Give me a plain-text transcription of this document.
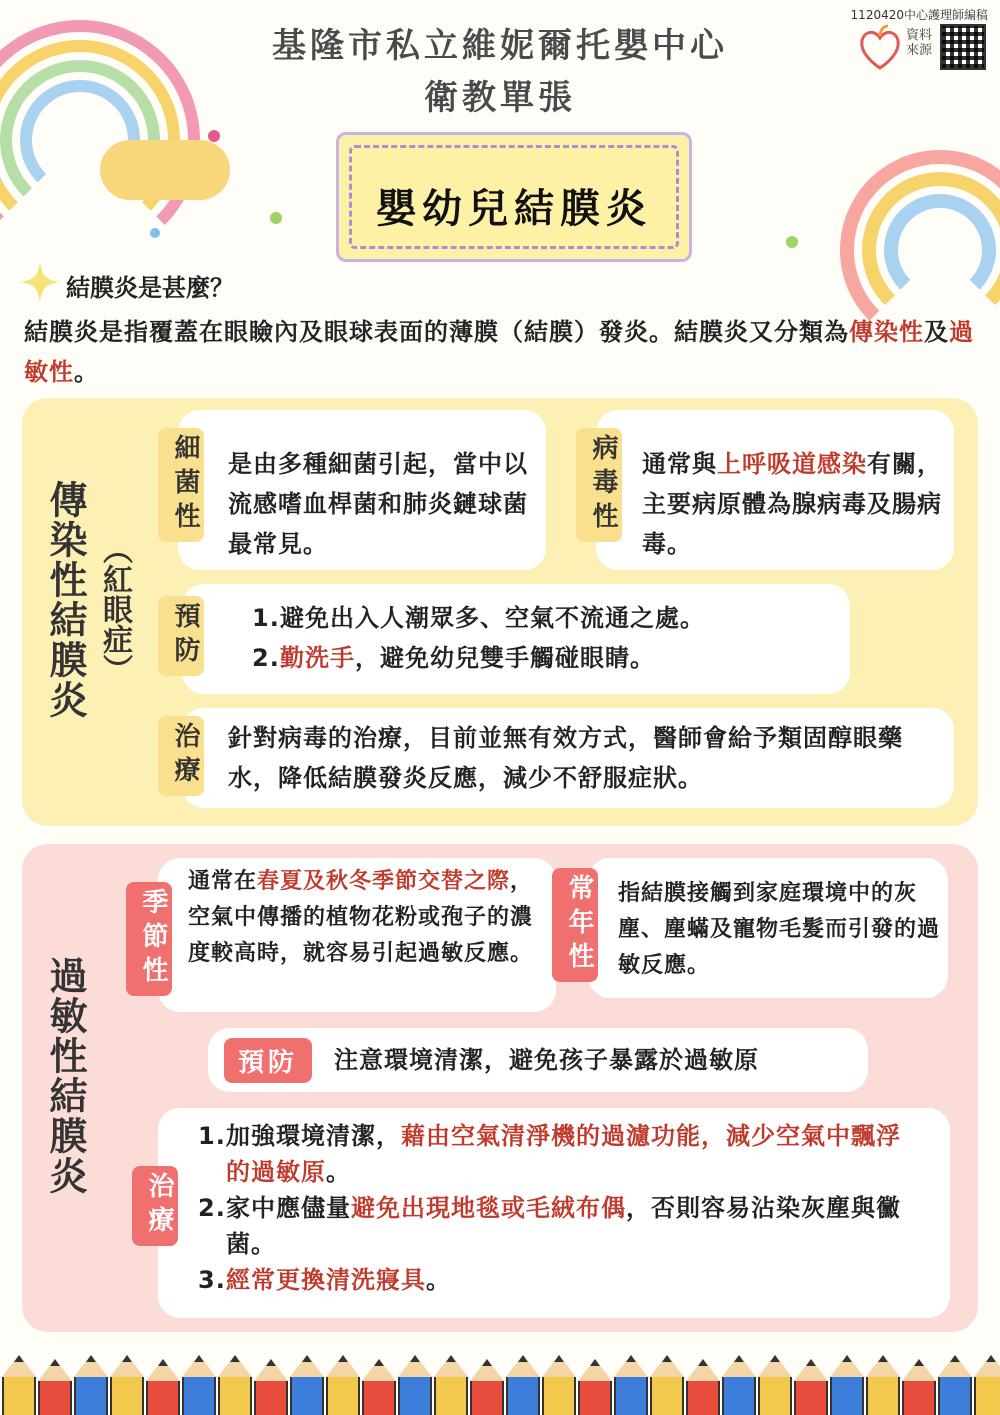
基隆市私立維妮爾托嬰中心
衛教單張
1120420中心護理師編稿
資料來源
嬰幼兒結膜炎
結膜炎是甚麼？
結膜炎是指覆蓋在眼瞼內及眼球表面的薄膜（結膜）發炎。結膜炎又分類為傳染性及過敏性。
傳染性結膜炎 （紅眼症）
細菌性 是由多種細菌引起，當中以流感嗜血桿菌和肺炎鏈球菌最常見。
病毒性 通常與上呼吸道感染有關，主要病原體為腺病毒及腸病毒。
預防 1. 避免出入人潮眾多、空氣不流通之處。
2. 勤洗手，避免幼兒雙手觸碰眼睛。
治療 針對病毒的治療，目前並無有效方式，醫師會給予類固醇眼藥水，降低結膜發炎反應，減少不舒服症狀。
過敏性結膜炎
季節性
通常在春夏及秋冬季節交替之際，空氣中傳播的植物花粉或孢子的濃度較高時，就容易引起過敏反應。	常年性 指結膜接觸到家庭環境中的灰塵、塵蟎及寵物毛髮而引發的過敏反應。
預防	注意環境清潔，避免孩子暴露於過敏原
治療
1. 加強環境清潔，藉由空氣清淨機的過濾功能，減少空氣中飄浮的過敏原。
2. 家中應儘量避免出現地毯或毛絨布偶，否則容易沾染灰塵與黴菌。
3. 經常更換清洗寢具。
